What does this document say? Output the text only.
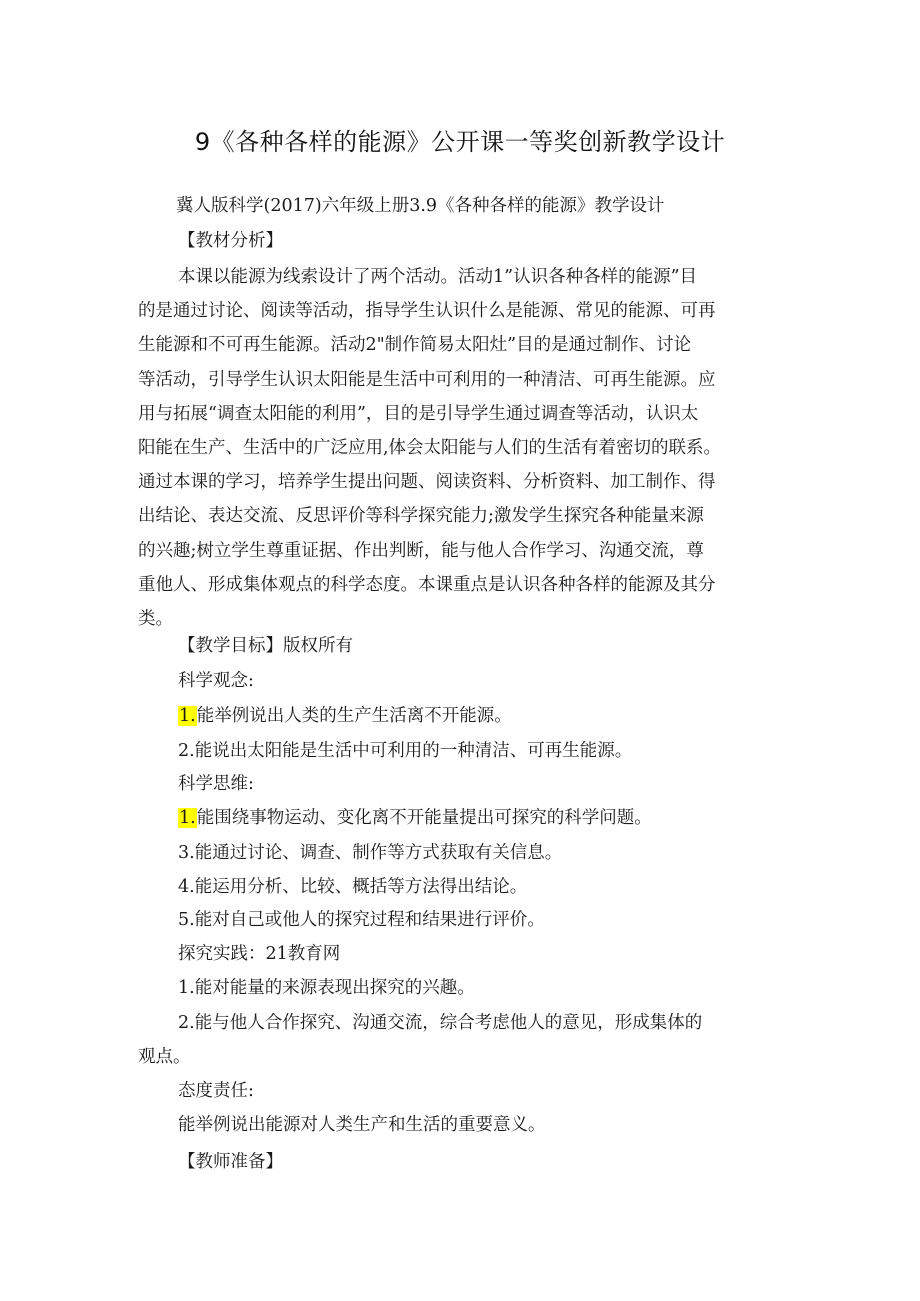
9《各种各样的能源》公开课一等奖创新教学设计
冀人版科学(2017)六年级上册3.9《各种各样的能源》教学设计
【教材分析】
本课以能源为线索设计了两个活动。活动1”认识各种各样的能源”目
的是通过讨论、阅读等活动，指导学生认识什么是能源、常见的能源、可再
生能源和不可再生能源。活动2"制作简易太阳灶”目的是通过制作、讨论
等活动，引导学生认识太阳能是生活中可利用的一种清洁、可再生能源。应
用与拓展“调查太阳能的利用”，目的是引导学生通过调查等活动，认识太
阳能在生产、生活中的广泛应用,体会太阳能与人们的生活有着密切的联系。
通过本课的学习，培养学生提出问题、阅读资料、分析资料、加工制作、得
出结论、表达交流、反思评价等科学探究能力;激发学生探究各种能量来源
的兴趣;树立学生尊重证据、作出判断，能与他人合作学习、沟通交流，尊
重他人、形成集体观点的科学态度。本课重点是认识各种各样的能源及其分
类。
【教学目标】版权所有
科学观念:
1.能举例说出人类的生产生活离不开能源。
2.能说出太阳能是生活中可利用的一种清洁、可再生能源。
科学思维:
1.能围绕事物运动、变化离不开能量提出可探究的科学问题。
3.能通过讨论、调查、制作等方式获取有关信息。
4.能运用分析、比较、概括等方法得出结论。
5.能对自己或他人的探究过程和结果进行评价。
探究实践：21教育网
1.能对能量的来源表现出探究的兴趣。
2.能与他人合作探究、沟通交流，综合考虑他人的意见，形成集体的
观点。
态度责任:
能举例说出能源对人类生产和生活的重要意义。
【教师准备】
